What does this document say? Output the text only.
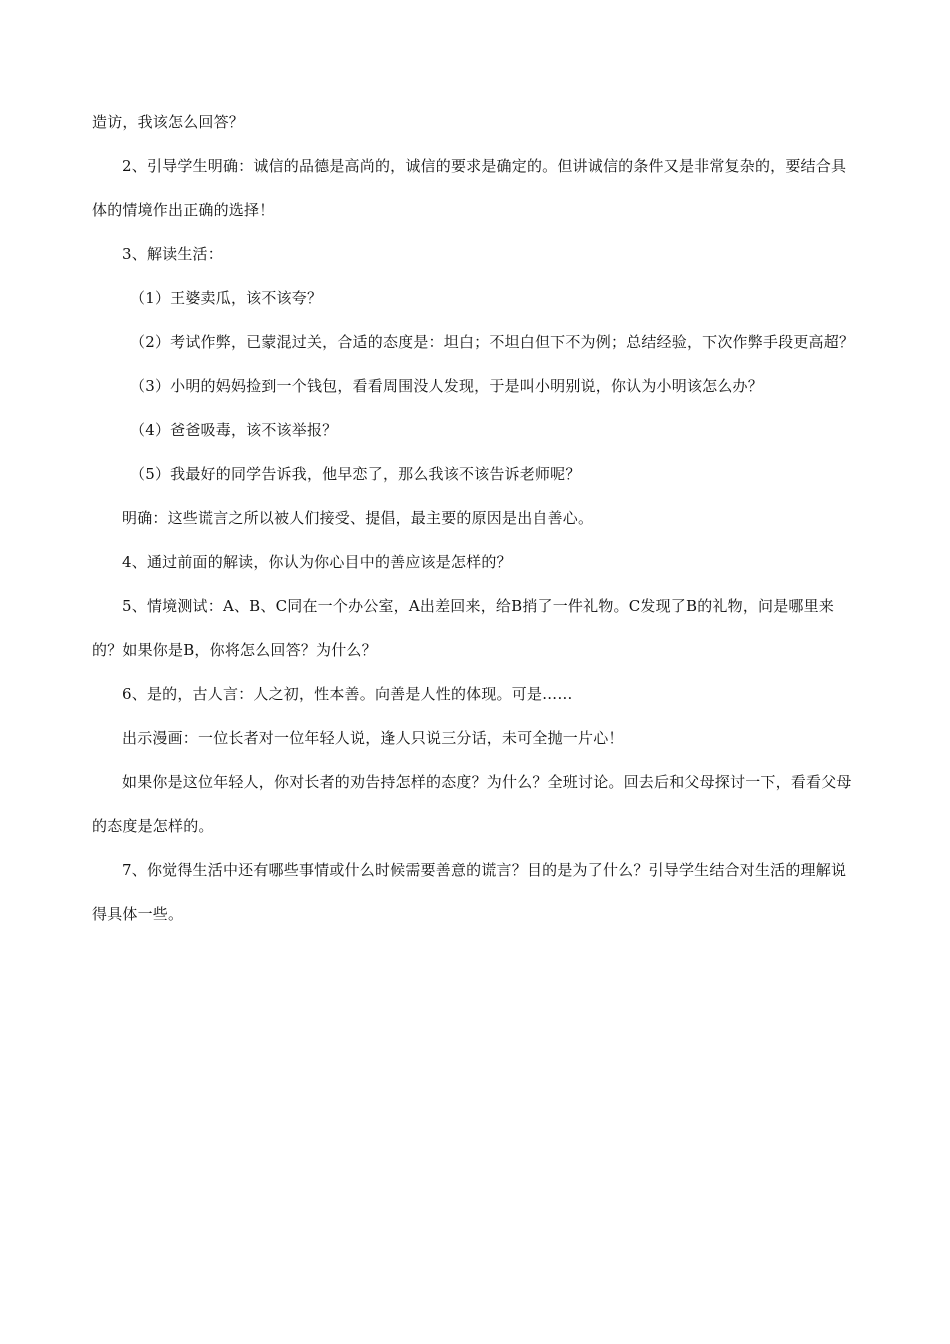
造访，我该怎么回答？

2、引导学生明确：诚信的品德是高尚的，诚信的要求是确定的。但讲诚信的条件又是非常复杂的，要结合具体的情境作出正确的选择！

3、解读生活：

（1）王婆卖瓜，该不该夸？

（2）考试作弊，已蒙混过关，合适的态度是：坦白；不坦白但下不为例；总结经验，下次作弊手段更高超？

（3）小明的妈妈捡到一个钱包，看看周围没人发现，于是叫小明别说，你认为小明该怎么办？

（4）爸爸吸毒，该不该举报？

（5）我最好的同学告诉我，他早恋了，那么我该不该告诉老师呢？

明确：这些谎言之所以被人们接受、提倡，最主要的原因是出自善心。

4、通过前面的解读，你认为你心目中的善应该是怎样的？

5、情境测试：A、B、C同在一个办公室，A出差回来，给B捎了一件礼物。C发现了B的礼物，问是哪里来的？如果你是B，你将怎么回答？为什么？

6、是的，古人言：人之初，性本善。向善是人性的体现。可是……

出示漫画：一位长者对一位年轻人说，逢人只说三分话，未可全抛一片心！

如果你是这位年轻人，你对长者的劝告持怎样的态度？为什么？全班讨论。回去后和父母探讨一下，看看父母的态度是怎样的。

7、你觉得生活中还有哪些事情或什么时候需要善意的谎言？目的是为了什么？引导学生结合对生活的理解说得具体一些。
